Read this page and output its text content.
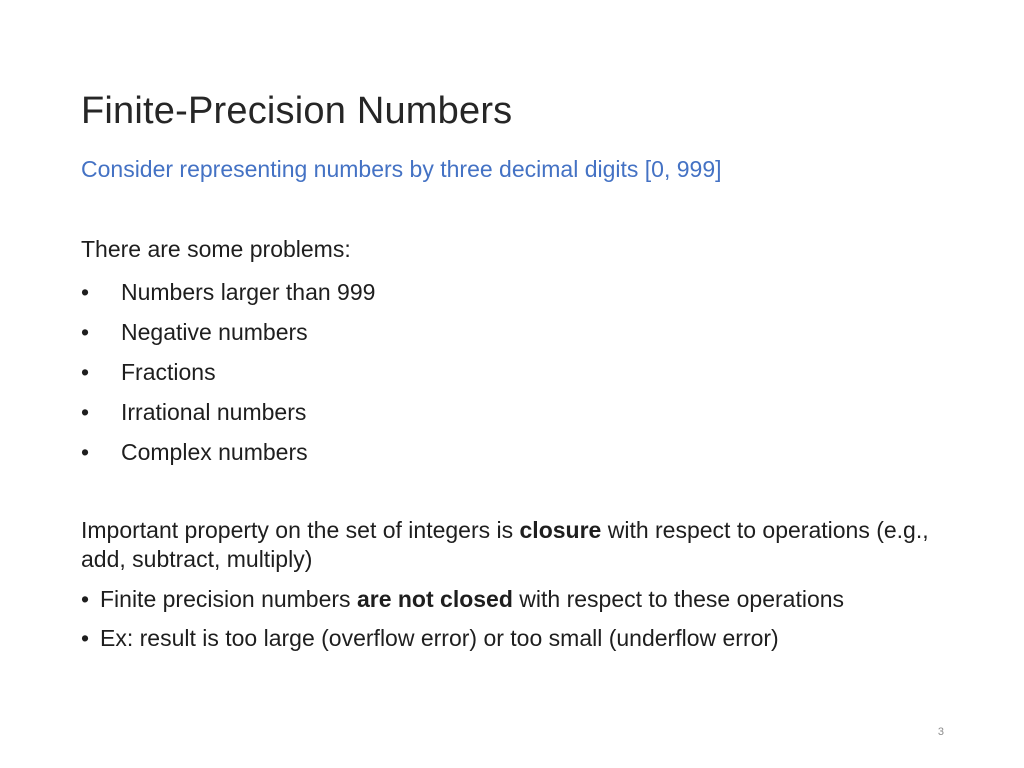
Finite-Precision Numbers

Consider representing numbers by three decimal digits [0, 999]

There are some problems:

•	Numbers larger than 999
•	Negative numbers
•	Fractions
•	Irrational numbers
•	Complex numbers

Important property on the set of integers is closure with respect to operations (e.g., add, subtract, multiply)

• Finite precision numbers are not closed with respect to these operations
• Ex: result is too large (overflow error) or too small (underflow error)
3
